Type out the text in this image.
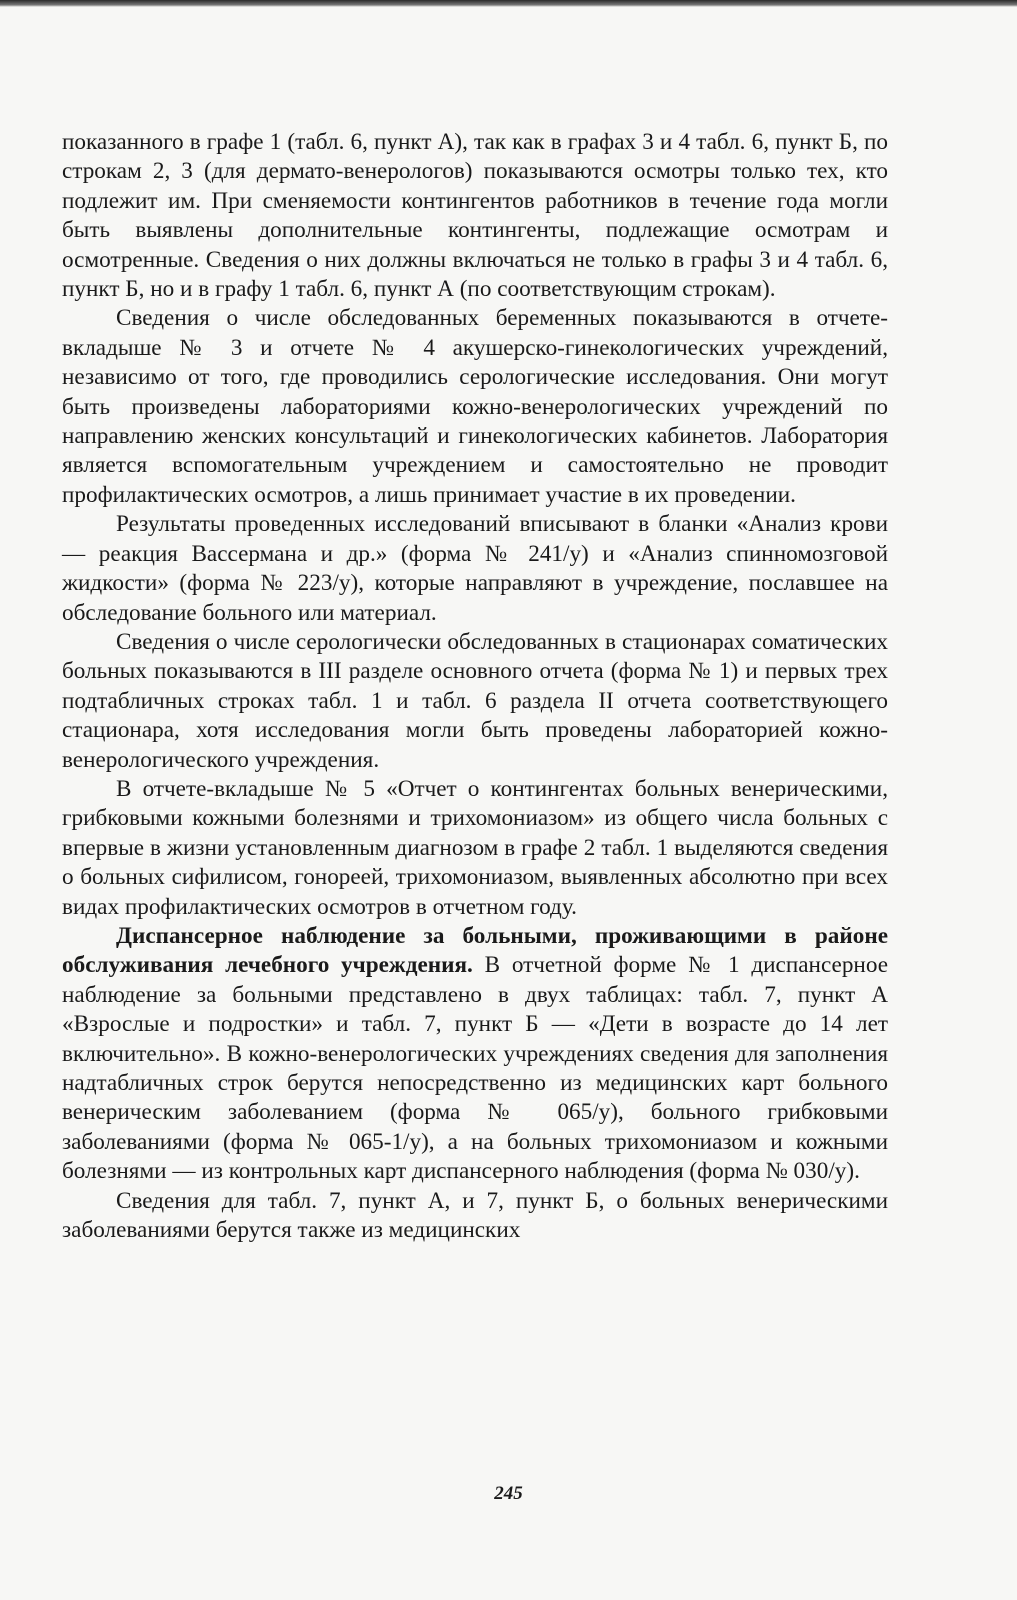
показанного в графе 1 (табл. 6, пункт А), так как в графах 3 и 4 табл. 6, пункт Б, по строкам 2, 3 (для дермато-венерологов) показываются осмотры только тех, кто подлежит им. При сменяемости контингентов работников в течение года могли быть выявлены дополнительные контингенты, подлежащие осмотрам и осмотренные. Сведения о них должны включаться не только в графы 3 и 4 табл. 6, пункт Б, но и в графу 1 табл. 6, пункт А (по соответствующим строкам).

Сведения о числе обследованных беременных показываются в отчете-вкладыше № 3 и отчете № 4 акушерско-гинекологических учреждений, независимо от того, где проводились серологические исследования. Они могут быть произведены лабораториями кожно-венерологических учреждений по направлению женских консультаций и гинекологических кабинетов. Лаборатория является вспомогательным учреждением и самостоятельно не проводит профилактических осмотров, а лишь принимает участие в их проведении.

Результаты проведенных исследований вписывают в бланки «Анализ крови — реакция Вассермана и др.» (форма № 241/у) и «Анализ спинномозговой жидкости» (форма № 223/у), которые направляют в учреждение, пославшее на обследование больного или материал.

Сведения о числе серологически обследованных в стационарах соматических больных показываются в III разделе основного отчета (форма № 1) и первых трех подтабличных строках табл. 1 и табл. 6 раздела II отчета соответствующего стационара, хотя исследования могли быть проведены лабораторией кожно-венерологического учреждения.

В отчете-вкладыше № 5 «Отчет о контингентах больных венерическими, грибковыми кожными болезнями и трихомониазом» из общего числа больных с впервые в жизни установленным диагнозом в графе 2 табл. 1 выделяются сведения о больных сифилисом, гонореей, трихомониазом, выявленных абсолютно при всех видах профилактических осмотров в отчетном году.

Диспансерное наблюдение за больными, проживающими в районе обслуживания лечебного учреждения. В отчетной форме № 1 диспансерное наблюдение за больными представлено в двух таблицах: табл. 7, пункт А «Взрослые и подростки» и табл. 7, пункт Б — «Дети в возрасте до 14 лет включительно». В кожно-венерологических учреждениях сведения для заполнения надтабличных строк берутся непосредственно из медицинских карт больного венерическим заболеванием (форма № 065/у), больного грибковыми заболеваниями (форма № 065-1/у), а на больных трихомониазом и кожными болезнями — из контрольных карт диспансерного наблюдения (форма № 030/у).

Сведения для табл. 7, пункт А, и 7, пункт Б, о больных венерическими заболеваниями берутся также из медицинских

245
